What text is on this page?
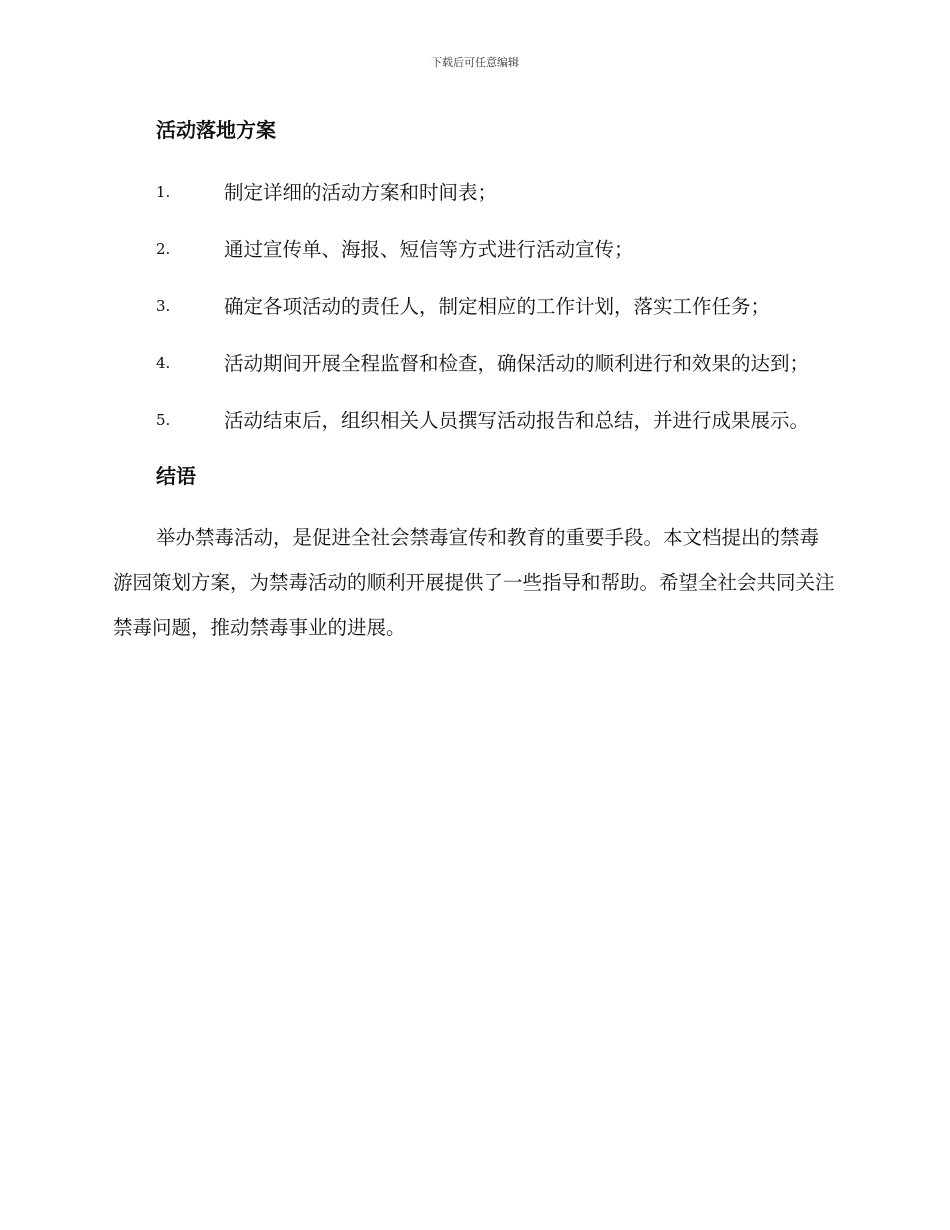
下载后可任意编辑
活动落地方案
1.	制定详细的活动方案和时间表；
2.	通过宣传单、海报、短信等方式进行活动宣传；
3.	确定各项活动的责任人，制定相应的工作计划，落实工作任务；
4.	活动期间开展全程监督和检查，确保活动的顺利进行和效果的达到；
5.	活动结束后，组织相关人员撰写活动报告和总结，并进行成果展示。
结语

举办禁毒活动，是促进全社会禁毒宣传和教育的重要手段。本文档提出的禁毒游园策划方案，为禁毒活动的顺利开展提供了一些指导和帮助。希望全社会共同关注禁毒问题，推动禁毒事业的进展。
